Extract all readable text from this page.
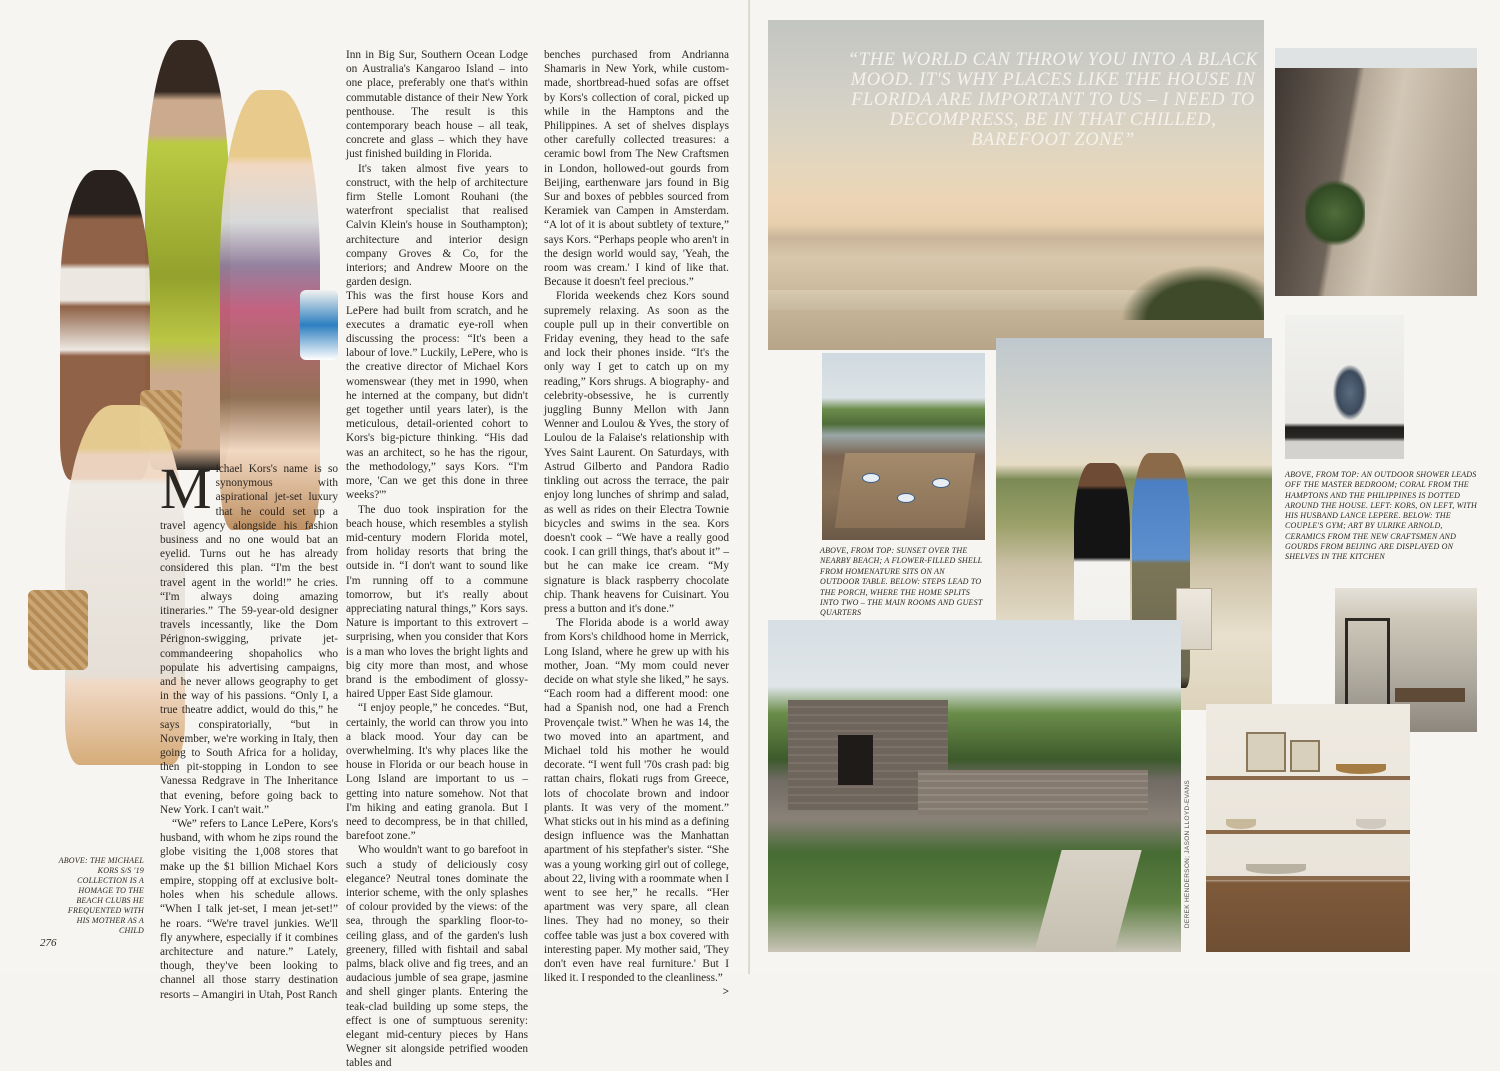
M ichael Kors's name is so synonymous with aspirational jet-set luxury that he could set up a travel agency alongside his fashion business and no one would bat an eyelid. Turns out he has already considered this plan. “I'm the best travel agent in the world!” he cries. “I'm always doing amazing itineraries.” The 59-year-old designer travels incessantly, like the Dom Pérignon-swigging, private jet-commandeering shopaholics who populate his advertising campaigns, and he never allows geography to get in the way of his passions. “Only I, a true theatre addict, would do this,” he says conspiratorially, “but in November, we're working in Italy, then going to South Africa for a holiday, then pit-stopping in London to see Vanessa Redgrave in The Inheritance that evening, before going back to New York. I can't wait.”

“We” refers to Lance LePere, Kors's husband, with whom he zips round the globe visiting the 1,008 stores that make up the $1 billion Michael Kors empire, stopping off at exclusive bolt-holes when his schedule allows. “When I talk jet-set, I mean jet-set!” he roars. “We're travel junkies. We'll fly anywhere, especially if it combines architecture and nature.” Lately, though, they've been looking to channel all those starry destination resorts – Amangiri in Utah, Post Ranch

Inn in Big Sur, Southern Ocean Lodge on Australia's Kangaroo Island – into one place, preferably one that's within commutable distance of their New York penthouse. The result is this contemporary beach house – all teak, concrete and glass – which they have just finished building in Florida.

It's taken almost five years to construct, with the help of architecture firm Stelle Lomont Rouhani (the waterfront specialist that realised Calvin Klein's house in Southampton); architecture and interior design company Groves & Co, for the interiors; and Andrew Moore on the garden design.

This was the first house Kors and LePere had built from scratch, and he executes a dramatic eye-roll when discussing the process: “It's been a labour of love.” Luckily, LePere, who is the creative director of Michael Kors womenswear (they met in 1990, when he interned at the company, but didn't get together until years later), is the meticulous, detail-oriented cohort to Kors's big-picture thinking. “His dad was an architect, so he has the rigour, the methodology,” says Kors. “I'm more, 'Can we get this done in three weeks?'”

The duo took inspiration for the beach house, which resembles a stylish mid-century modern Florida motel, from holiday resorts that bring the outside in. “I don't want to sound like I'm running off to a commune tomorrow, but it's really about appreciating natural things,” Kors says. Nature is important to this extrovert – surprising, when you consider that Kors is a man who loves the bright lights and big city more than most, and whose brand is the embodiment of glossy-haired Upper East Side glamour.

“I enjoy people,” he concedes. “But, certainly, the world can throw you into a black mood. Your day can be overwhelming. It's why places like the house in Florida or our beach house in Long Island are important to us – getting into nature somehow. Not that I'm hiking and eating granola. But I need to decompress, be in that chilled, barefoot zone.”

Who wouldn't want to go barefoot in such a study of deliciously cosy elegance? Neutral tones dominate the interior scheme, with the only splashes of colour provided by the views: of the sea, through the sparkling floor-to-ceiling glass, and of the garden's lush greenery, filled with fishtail and sabal palms, black olive and fig trees, and an audacious jumble of sea grape, jasmine and shell ginger plants. Entering the teak-clad building up some steps, the effect is one of sumptuous serenity: elegant mid-century pieces by Hans Wegner sit alongside petrified wooden tables and

benches purchased from Andrianna Shamaris in New York, while custom-made, shortbread-hued sofas are offset by Kors's collection of coral, picked up while in the Hamptons and the Philippines. A set of shelves displays other carefully collected treasures: a ceramic bowl from The New Craftsmen in London, hollowed-out gourds from Beijing, earthenware jars found in Big Sur and boxes of pebbles sourced from Keramiek van Campen in Amsterdam. “A lot of it is about subtlety of texture,” says Kors. “Perhaps people who aren't in the design world would say, 'Yeah, the room was cream.' I kind of like that. Because it doesn't feel precious.”

Florida weekends chez Kors sound supremely relaxing. As soon as the couple pull up in their convertible on Friday evening, they head to the safe and lock their phones inside. “It's the only way I get to catch up on my reading,” Kors shrugs. A biography- and celebrity-obsessive, he is currently juggling Bunny Mellon with Jann Wenner and Loulou & Yves, the story of Loulou de la Falaise's relationship with Yves Saint Laurent. On Saturdays, with Astrud Gilberto and Pandora Radio tinkling out across the terrace, the pair enjoy long lunches of shrimp and salad, as well as rides on their Electra Townie bicycles and swims in the sea. Kors doesn't cook – “We have a really good cook. I can grill things, that's about it” – but he can make ice cream. “My signature is black raspberry chocolate chip. Thank heavens for Cuisinart. You press a button and it's done.”

The Florida abode is a world away from Kors's childhood home in Merrick, Long Island, where he grew up with his mother, Joan. “My mom could never decide on what style she liked,” he says. “Each room had a different mood: one had a Spanish nod, one had a French Provençale twist.” When he was 14, the two moved into an apartment, and Michael told his mother he would decorate. “I went full '70s crash pad: big rattan chairs, flokati rugs from Greece, lots of chocolate brown and indoor plants. It was very of the moment.” What sticks out in his mind as a defining design influence was the Manhattan apartment of his stepfather's sister. “She was a young working girl out of college, about 22, living with a roommate when I went to see her,” he recalls. “Her apartment was very spare, all clean lines. They had no money, so their coffee table was just a box covered with interesting paper. My mother said, 'They don't even have real furniture.' But I liked it. I responded to the cleanliness.”

>

ABOVE: THE MICHAEL KORS S/S '19 COLLECTION IS A HOMAGE TO THE BEACH CLUBS HE FREQUENTED WITH HIS MOTHER AS A CHILD
276
“THE WORLD CAN THROW YOU INTO A BLACK MOOD. IT'S WHY PLACES LIKE THE HOUSE IN FLORIDA ARE IMPORTANT TO US – I NEED TO DECOMPRESS, BE IN THAT CHILLED, BAREFOOT ZONE”
ABOVE, FROM TOP: AN OUTDOOR SHOWER LEADS OFF THE MASTER BEDROOM; CORAL FROM THE HAMPTONS AND THE PHILIPPINES IS DOTTED AROUND THE HOUSE. LEFT: KORS, ON LEFT, WITH HIS HUSBAND LANCE LEPERE. BELOW: THE COUPLE'S GYM; ART BY ULRIKE ARNOLD, CERAMICS FROM THE NEW CRAFTSMEN AND GOURDS FROM BEIJING ARE DISPLAYED ON SHELVES IN THE KITCHEN
ABOVE, FROM TOP: SUNSET OVER THE NEARBY BEACH; A FLOWER-FILLED SHELL FROM HOMENATURE SITS ON AN OUTDOOR TABLE. BELOW: STEPS LEAD TO THE PORCH, WHERE THE HOME SPLITS INTO TWO – THE MAIN ROOMS AND GUEST QUARTERS
DEREK HENDERSON; JASON LLOYD-EVANS
